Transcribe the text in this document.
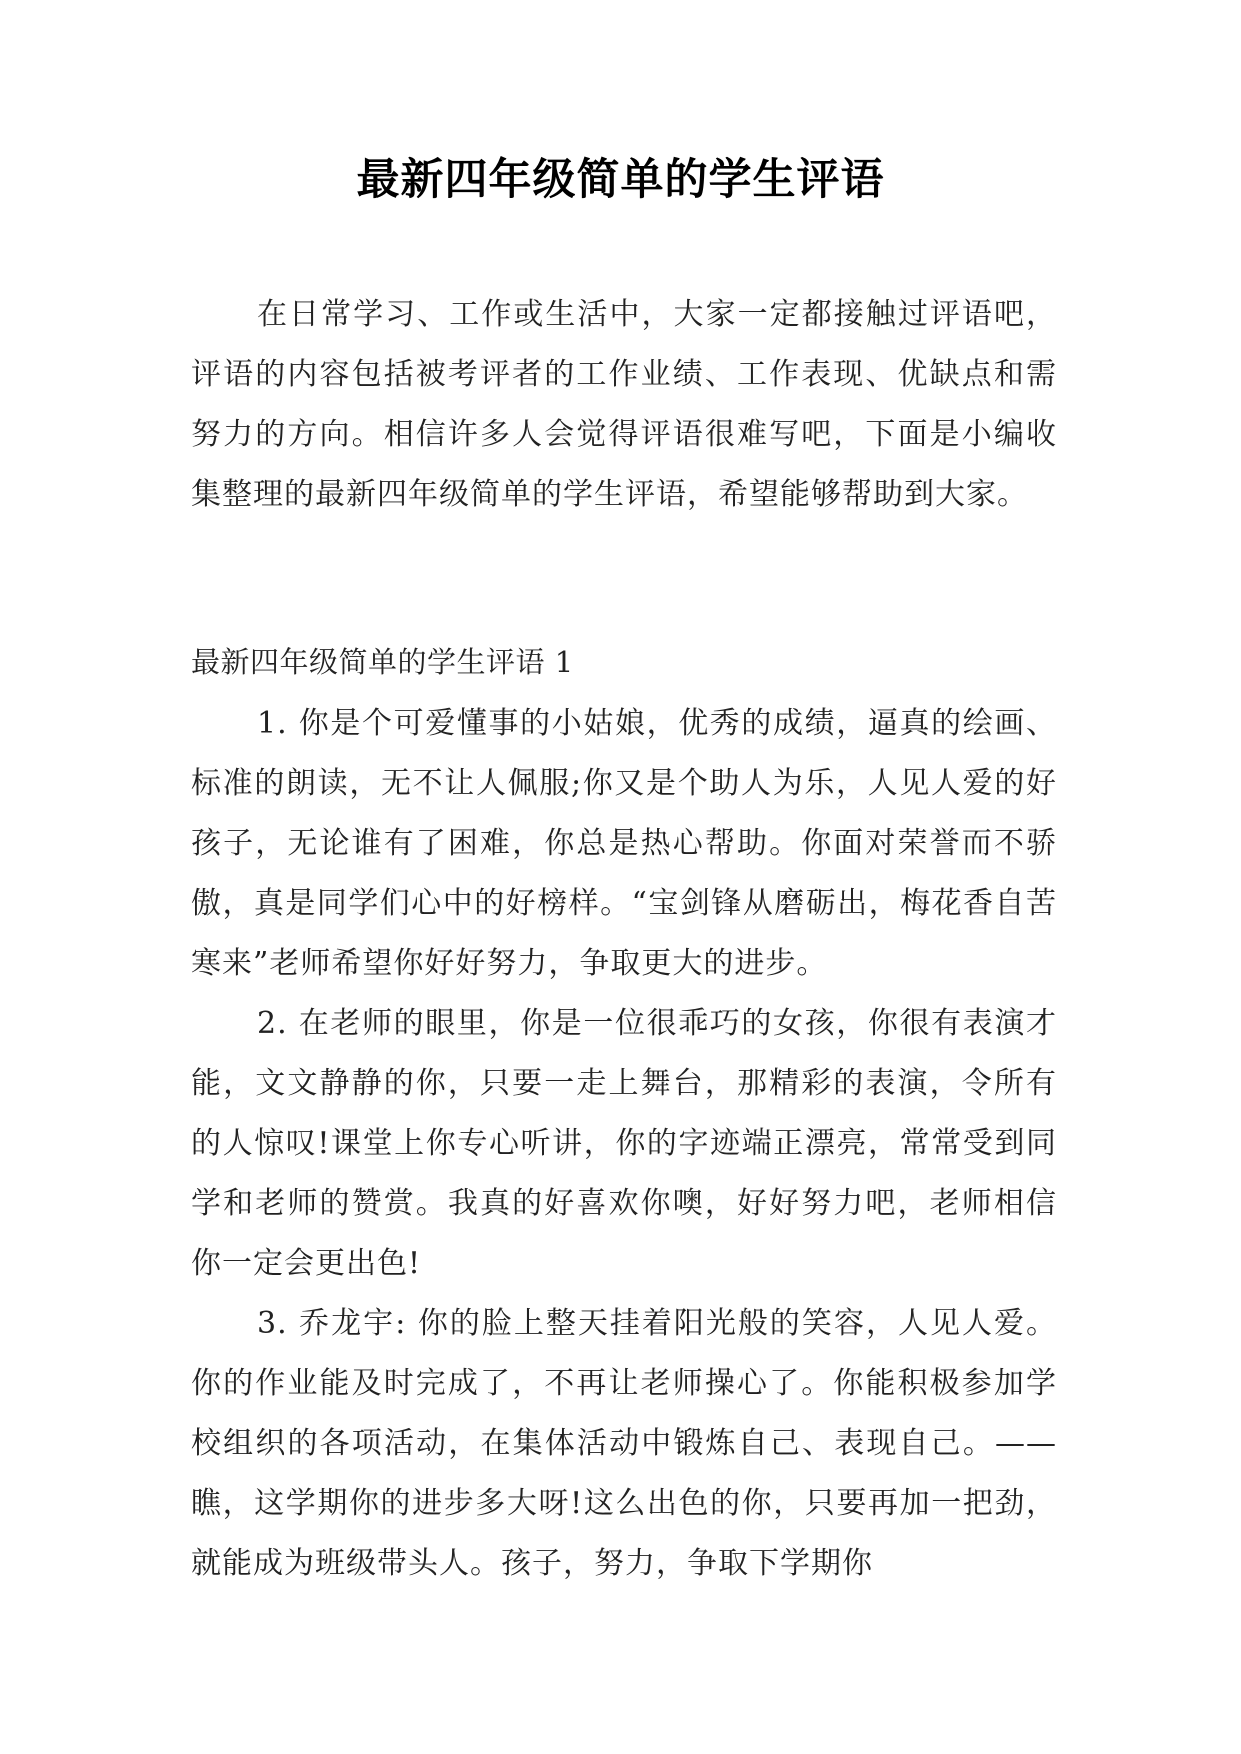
最新四年级简单的学生评语

在日常学习、工作或生活中，大家一定都接触过评语吧，评语的内容包括被考评者的工作业绩、工作表现、优缺点和需努力的方向。相信许多人会觉得评语很难写吧，下面是小编收集整理的最新四年级简单的学生评语，希望能够帮助到大家。

最新四年级简单的学生评语 1

1. 你是个可爱懂事的小姑娘，优秀的成绩，逼真的绘画、标准的朗读，无不让人佩服;你又是个助人为乐，人见人爱的好孩子，无论谁有了困难，你总是热心帮助。你面对荣誉而不骄傲，真是同学们心中的好榜样。“宝剑锋从磨砺出，梅花香自苦寒来”老师希望你好好努力，争取更大的进步。

2. 在老师的眼里，你是一位很乖巧的女孩，你很有表演才能，文文静静的你，只要一走上舞台，那精彩的表演，令所有的人惊叹!课堂上你专心听讲，你的字迹端正漂亮，常常受到同学和老师的赞赏。我真的好喜欢你噢，好好努力吧，老师相信你一定会更出色!

3. 乔龙宇: 你的脸上整天挂着阳光般的笑容，人见人爱。你的作业能及时完成了，不再让老师操心了。你能积极参加学校组织的各项活动，在集体活动中锻炼自己、表现自己。——瞧，这学期你的进步多大呀!这么出色的你，只要再加一把劲，就能成为班级带头人。孩子，努力，争取下学期你
